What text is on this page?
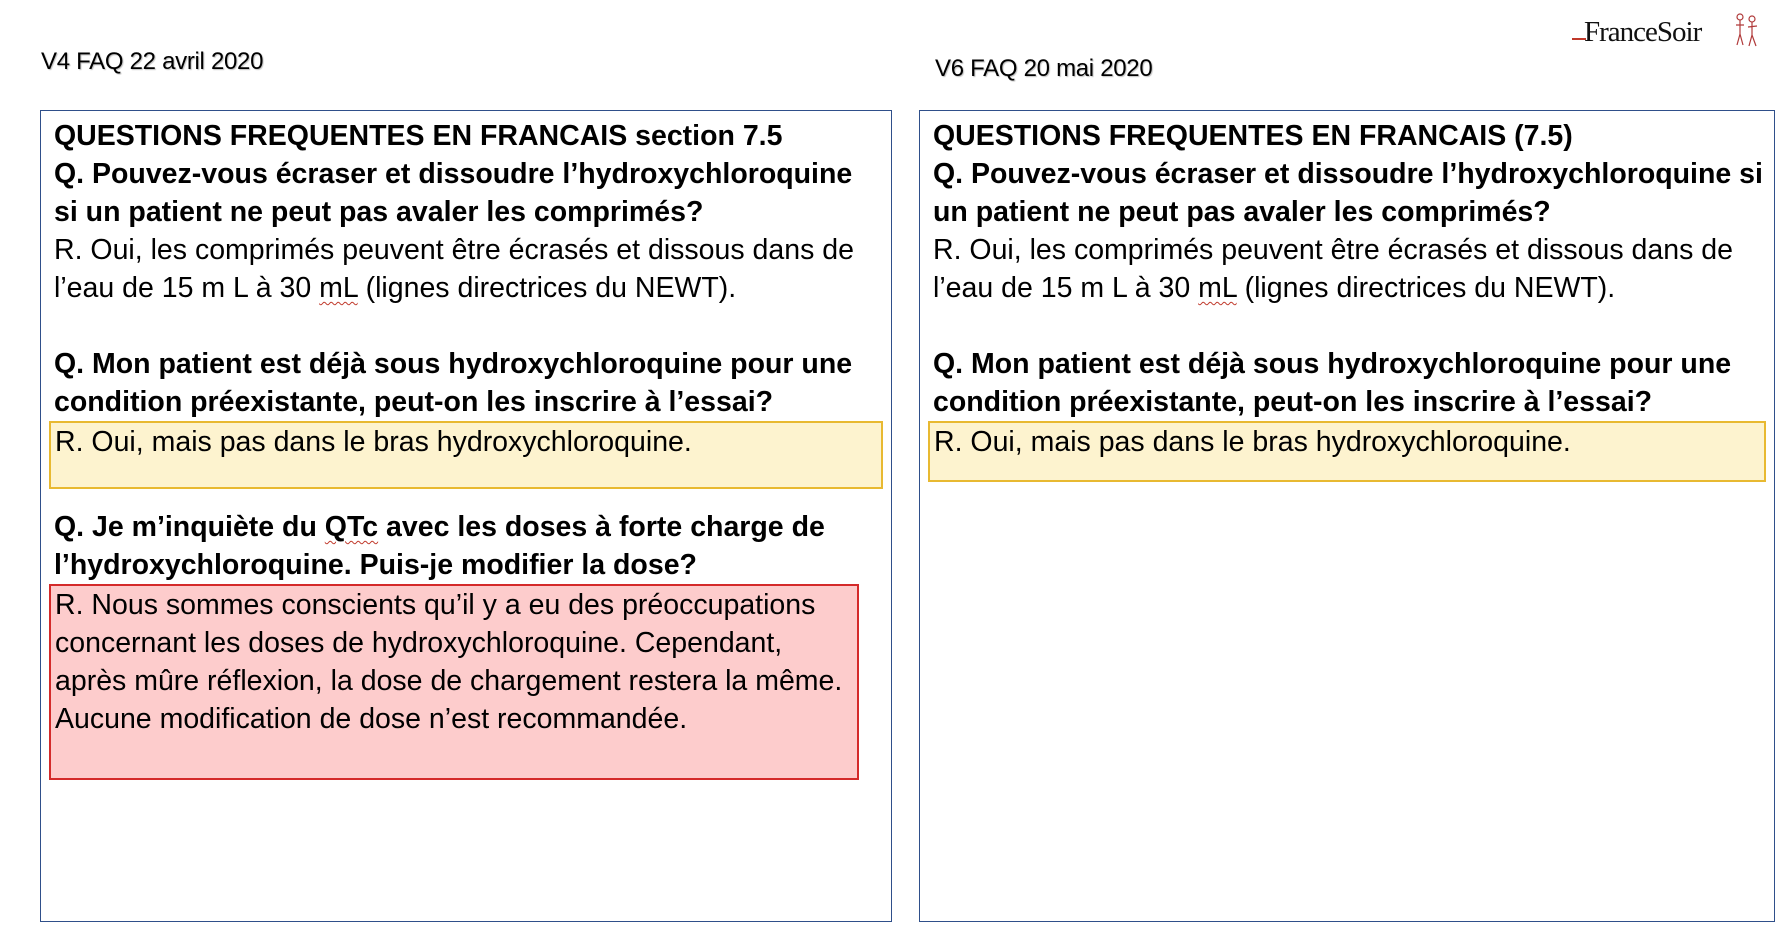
FranceSoir
V4 FAQ 22 avril 2020	V6 FAQ 20 mai 2020

QUESTIONS FREQUENTES EN FRANCAIS section 7.5

Q. Pouvez-vous écraser et dissoudre l’hydroxychloroquine si un patient ne peut pas avaler les comprimés?

R. Oui, les comprimés peuvent être écrasés et dissous dans de l’eau de 15 m L à 30 mL (lignes directrices du NEWT).

Q. Mon patient est déjà sous hydroxychloroquine pour une condition préexistante, peut-on les inscrire à l’essai?

R. Oui, mais pas dans le bras hydroxychloroquine.

Q. Je m’inquiète du QTc avec les doses à forte charge de l’hydroxychloroquine. Puis-je modifier la dose?

R. Nous sommes conscients qu’il y a eu des préoccupations concernant les doses de hydroxychloroquine. Cependant, après mûre réflexion, la dose de chargement restera la même. Aucune modification de dose n’est recommandée.

QUESTIONS FREQUENTES EN FRANCAIS (7.5)

Q. Pouvez-vous écraser et dissoudre l’hydroxychloroquine si un patient ne peut pas avaler les comprimés?

R. Oui, les comprimés peuvent être écrasés et dissous dans de l’eau de 15 m L à 30 mL (lignes directrices du NEWT).

Q. Mon patient est déjà sous hydroxychloroquine pour une condition préexistante, peut-on les inscrire à l’essai?

R. Oui, mais pas dans le bras hydroxychloroquine.
